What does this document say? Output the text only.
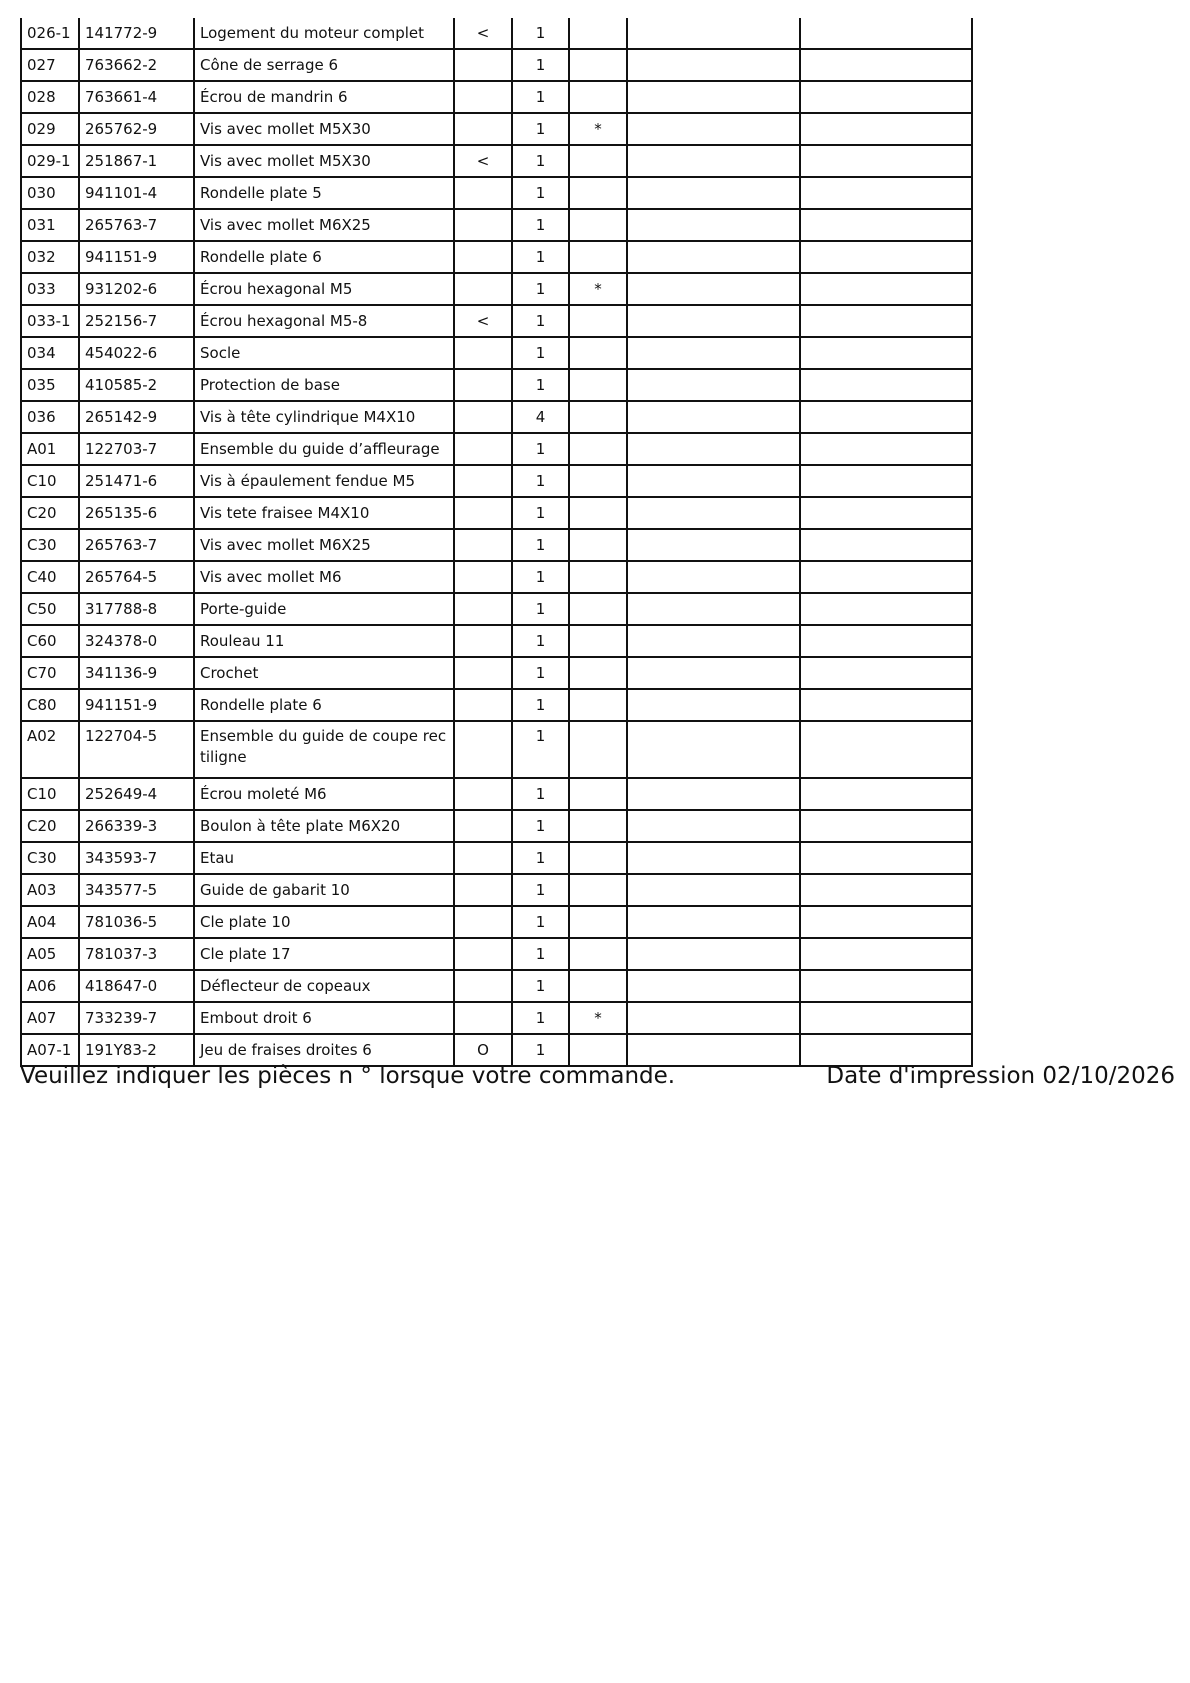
026-1	141772-9	Logement du moteur complet	<	1			
027	763662-2	Cône de serrage 6		1			
028	763661-4	Écrou de mandrin 6		1			
029	265762-9	Vis avec mollet M5X30		1	*		
029-1	251867-1	Vis avec mollet M5X30	<	1			
030	941101-4	Rondelle plate 5		1			
031	265763-7	Vis avec mollet M6X25		1			
032	941151-9	Rondelle plate 6		1			
033	931202-6	Écrou hexagonal M5		1	*		
033-1	252156-7	Écrou hexagonal M5-8	<	1			
034	454022-6	Socle		1			
035	410585-2	Protection de base		1			
036	265142-9	Vis à tête cylindrique M4X10		4			
A01	122703-7	Ensemble du guide d’affleurage		1			
C10	251471-6	Vis à épaulement fendue M5		1			
C20	265135-6	Vis tete fraisee M4X10		1			
C30	265763-7	Vis avec mollet M6X25		1			
C40	265764-5	Vis avec mollet M6		1			
C50	317788-8	Porte-guide		1			
C60	324378-0	Rouleau 11		1			
C70	341136-9	Crochet		1			
C80	941151-9	Rondelle plate 6		1			
A02	122704-5	Ensemble du guide de coupe rec tiligne		1			
C10	252649-4	Écrou moleté M6		1			
C20	266339-3	Boulon à tête plate M6X20		1			
C30	343593-7	Etau		1			
A03	343577-5	Guide de gabarit 10		1			
A04	781036-5	Cle plate 10		1			
A05	781037-3	Cle plate 17		1			
A06	418647-0	Déflecteur de copeaux		1			
A07	733239-7	Embout droit 6		1	*		
A07-1	191Y83-2	Jeu de fraises droites 6	O	1			
Veuillez indiquer les pièces n ° lorsque votre commande.	Date d'impression 02/10/2026
